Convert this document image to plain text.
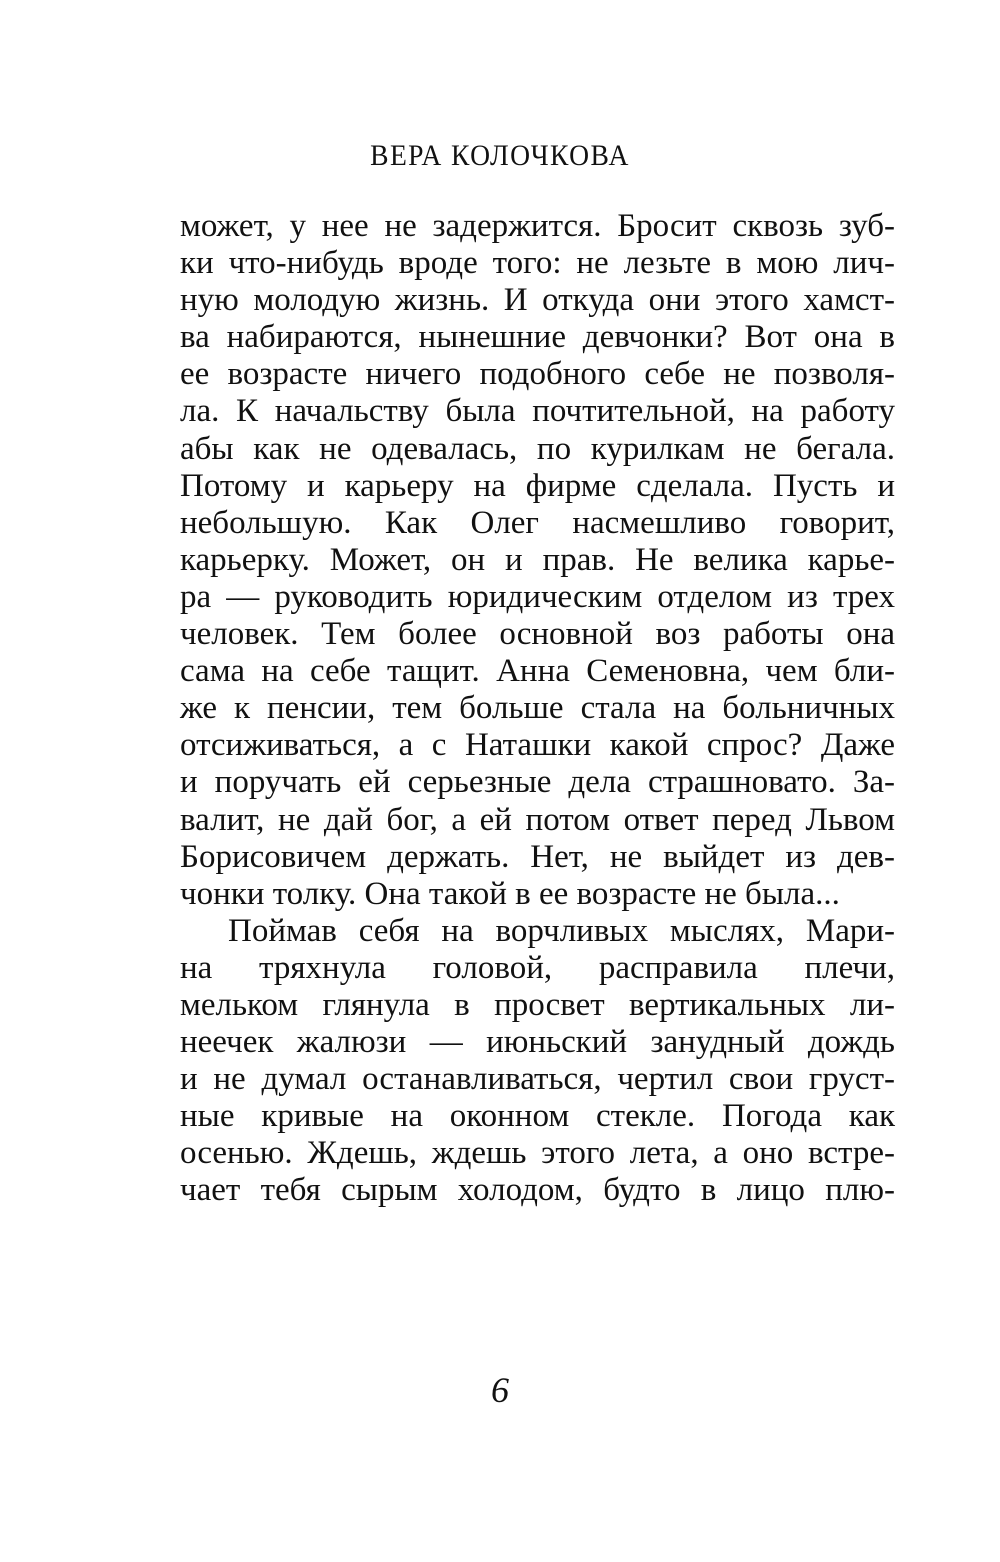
ВЕРА КОЛОЧКОВА
может, у нее не задержится. Бросит сквозь зуб-
ки что-нибудь вроде того: не лезьте в мою лич-
ную молодую жизнь. И откуда они этого хамст-
ва набираются, нынешние девчонки? Вот она в
ее возрасте ничего подобного себе не позволя-
ла. К начальству была почтительной, на работу
абы как не одевалась, по курилкам не бегала.
Потому и карьеру на фирме сделала. Пусть и
небольшую. Как Олег насмешливо говорит,
карьерку. Может, он и прав. Не велика карье-
ра — руководить юридическим отделом из трех
человек. Тем более основной воз работы она
сама на себе тащит. Анна Семеновна, чем бли-
же к пенсии, тем больше стала на больничных
отсиживаться, а с Наташки какой спрос? Даже
и поручать ей серьезные дела страшновато. За-
валит, не дай бог, а ей потом ответ перед Львом
Борисовичем держать. Нет, не выйдет из дев-
чонки толку. Она такой в ее возрасте не была...
Поймав себя на ворчливых мыслях, Мари-
на тряхнула головой, расправила плечи,
мельком глянула в просвет вертикальных ли-
неечек жалюзи — июньский занудный дождь
и не думал останавливаться, чертил свои груст-
ные кривые на оконном стекле. Погода как
осенью. Ждешь, ждешь этого лета, а оно встре-
чает тебя сырым холодом, будто в лицо плю-
6
